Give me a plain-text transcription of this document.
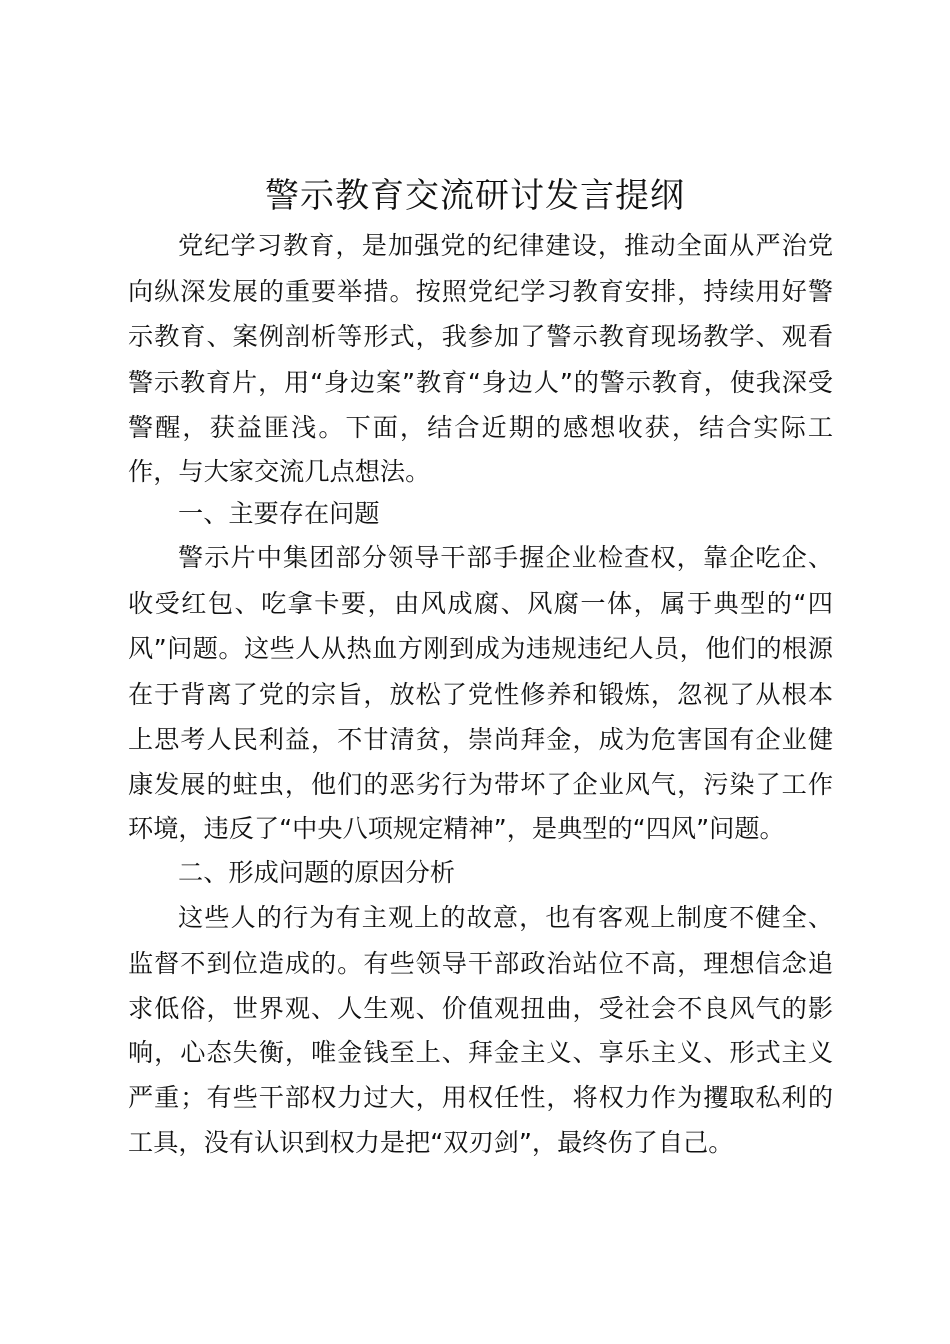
警示教育交流研讨发言提纲
党纪学习教育，是加强党的纪律建设，推动全面从严治党
向纵深发展的重要举措。按照党纪学习教育安排，持续用好警
示教育、案例剖析等形式，我参加了警示教育现场教学、观看
警示教育片，用“身边案”教育“身边人”的警示教育，使我深受
警醒，获益匪浅。下面，结合近期的感想收获，结合实际工
作，与大家交流几点想法。
一、主要存在问题
警示片中集团部分领导干部手握企业检查权，靠企吃企、
收受红包、吃拿卡要，由风成腐、风腐一体，属于典型的“四
风”问题。这些人从热血方刚到成为违规违纪人员，他们的根源
在于背离了党的宗旨，放松了党性修养和锻炼，忽视了从根本
上思考人民利益，不甘清贫，崇尚拜金，成为危害国有企业健
康发展的蛀虫，他们的恶劣行为带坏了企业风气，污染了工作
环境，违反了“中央八项规定精神”，是典型的“四风”问题。
二、形成问题的原因分析
这些人的行为有主观上的故意，也有客观上制度不健全、
监督不到位造成的。有些领导干部政治站位不高，理想信念追
求低俗，世界观、人生观、价值观扭曲，受社会不良风气的影
响，心态失衡，唯金钱至上、拜金主义、享乐主义、形式主义
严重；有些干部权力过大，用权任性，将权力作为攫取私利的
工具，没有认识到权力是把“双刃剑”，最终伤了自己。
